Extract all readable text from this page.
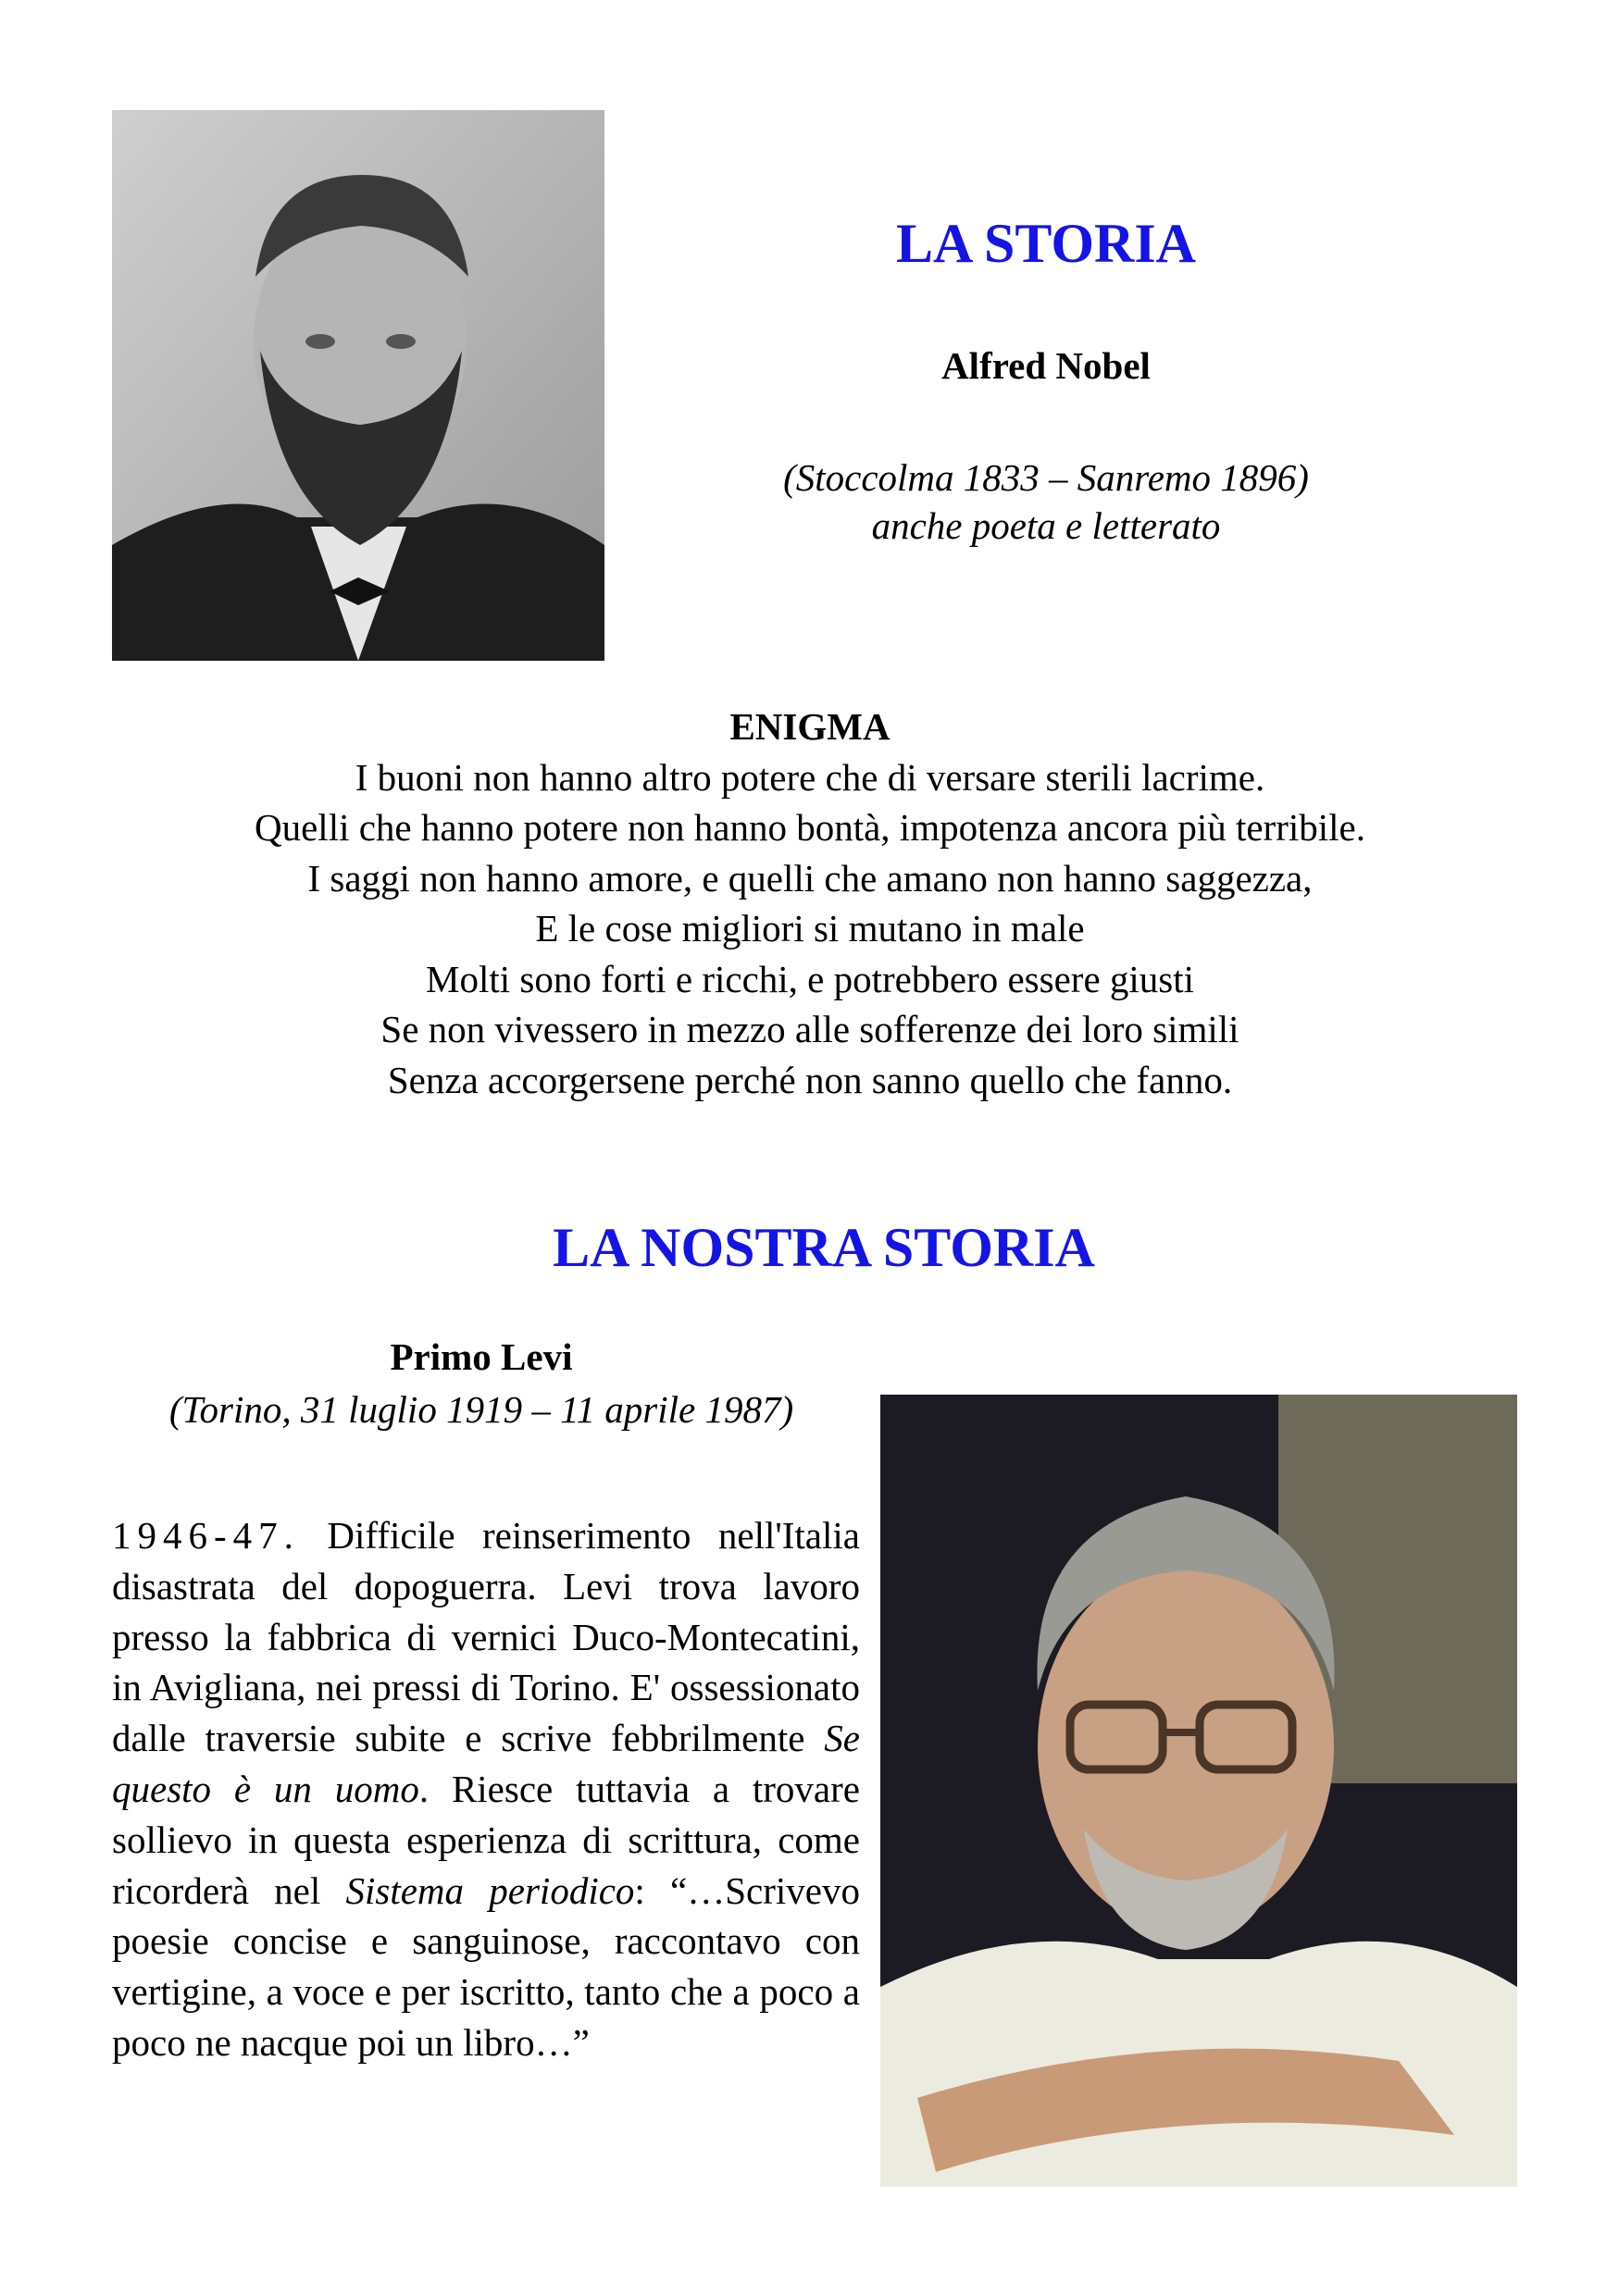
LA STORIA

Alfred Nobel

(Stoccolma 1833 – Sanremo 1896)
anche poeta e letterato

ENIGMA
I buoni non hanno altro potere che di versare sterili lacrime.
Quelli che hanno potere non hanno bontà, impotenza ancora più terribile.
I saggi non hanno amore, e quelli che amano non hanno saggezza,
E le cose migliori si mutano in male
Molti sono forti e ricchi, e potrebbero essere giusti
Se non vivessero in mezzo alle sofferenze dei loro simili
Senza accorgersene perché non sanno quello che fanno.
LA NOSTRA STORIA

Primo Levi

(Torino, 31 luglio 1919 – 11 aprile 1987)

1946-47. Difficile reinserimento nell'Italia disastrata del dopoguerra. Levi trova lavoro presso la fabbrica di vernici Duco-Montecatini, in Avigliana, nei pressi di Torino. E' ossessionato dalle traversie subite e scrive febbrilmente Se questo è un uomo. Riesce tuttavia a trovare sollievo in questa esperienza di scrittura, come ricorderà nel Sistema periodico: “…Scrivevo poesie concise e sanguinose, raccontavo con vertigine, a voce e per iscritto, tanto che a poco a poco ne nacque poi un libro…”
